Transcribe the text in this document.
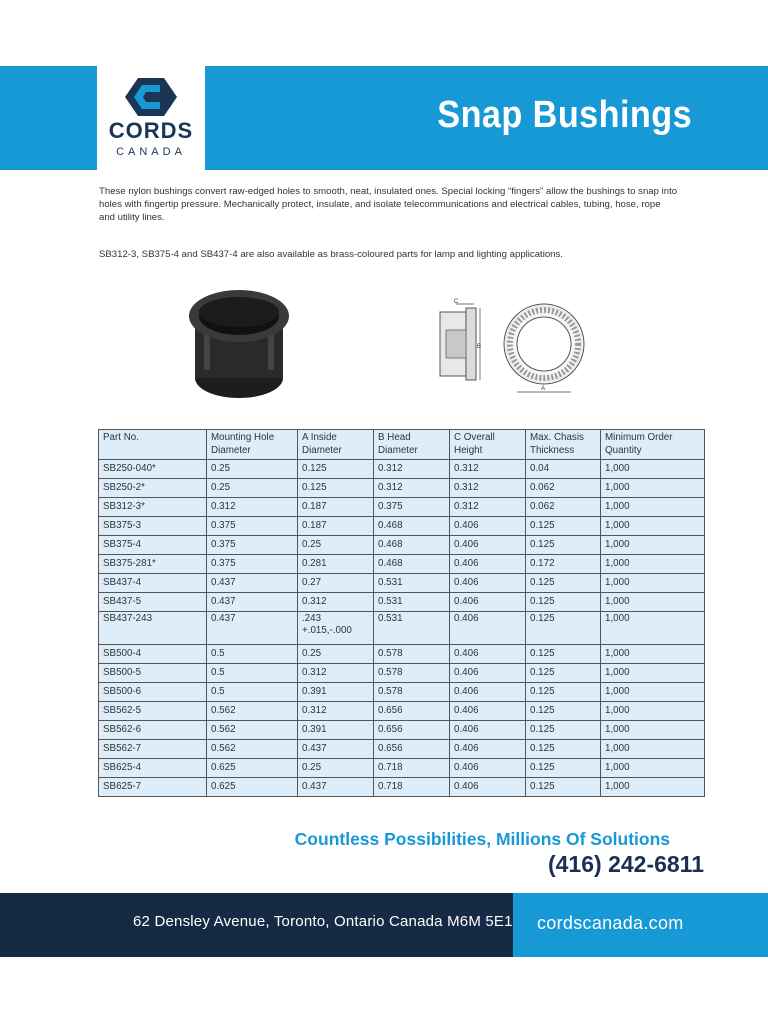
CORDS
CANADA
Snap Bushings

These nylon bushings convert raw-edged holes to smooth, neat, insulated ones. Special locking “fingers” allow the bushings to snap into holes with fingertip pressure. Mechanically protect, insulate, and isolate telecommunications and electrical cables, tubing, hose, rope and utility lines.

SB312-3, SB375-4 and SB437-4 are also available as brass-coloured parts for lamp and lighting applications.

C
B
A
Part No.	Mounting Hole Diameter	A Inside Diameter	B Head Diameter	C Overall Height	Max. Chasis Thickness	Minimum Order Quantity
SB250-040*	0.25	0.125	0.312	0.312	0.04	1,000
SB250-2*	0.25	0.125	0.312	0.312	0.062	1,000
SB312-3*	0.312	0.187	0.375	0.312	0.062	1,000
SB375-3	0.375	0.187	0.468	0.406	0.125	1,000
SB375-4	0.375	0.25	0.468	0.406	0.125	1,000
SB375-281*	0.375	0.281	0.468	0.406	0.172	1,000
SB437-4	0.437	0.27	0.531	0.406	0.125	1,000
SB437-5	0.437	0.312	0.531	0.406	0.125	1,000
SB437-243	0.437	.243 +.015,-.000	0.531	0.406	0.125	1,000
SB500-4	0.5	0.25	0.578	0.406	0.125	1,000
SB500-5	0.5	0.312	0.578	0.406	0.125	1,000
SB500-6	0.5	0.391	0.578	0.406	0.125	1,000
SB562-5	0.562	0.312	0.656	0.406	0.125	1,000
SB562-6	0.562	0.391	0.656	0.406	0.125	1,000
SB562-7	0.562	0.437	0.656	0.406	0.125	1,000
SB625-4	0.625	0.25	0.718	0.406	0.125	1,000
SB625-7	0.625	0.437	0.718	0.406	0.125	1,000

Countless Possibilities, Millions Of Solutions

(416) 242-6811

62 Densley Avenue, Toronto, Ontario Canada M6M 5E1 cordscanada.com
